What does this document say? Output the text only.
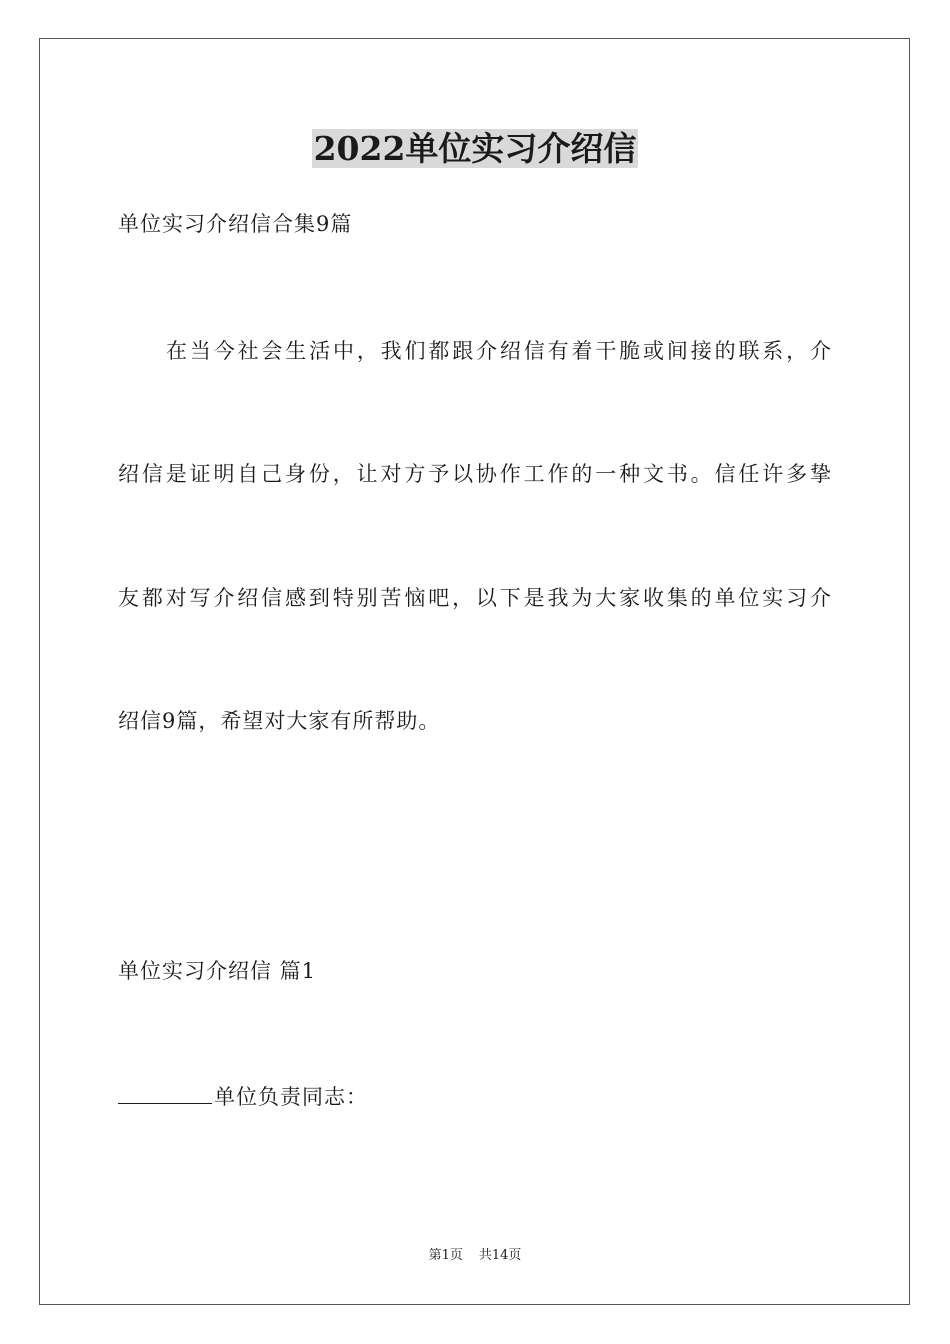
2022单位实习介绍信
单位实习介绍信合集9篇
在当今社会生活中，我们都跟介绍信有着干脆或间接的联系，介
绍信是证明自己身份，让对方予以协作工作的一种文书。信任许多挚
友都对写介绍信感到特别苦恼吧，以下是我为大家收集的单位实习介
绍信9篇，希望对大家有所帮助。
单位实习介绍信 篇1
单位负责同志：
第1页 共14页
